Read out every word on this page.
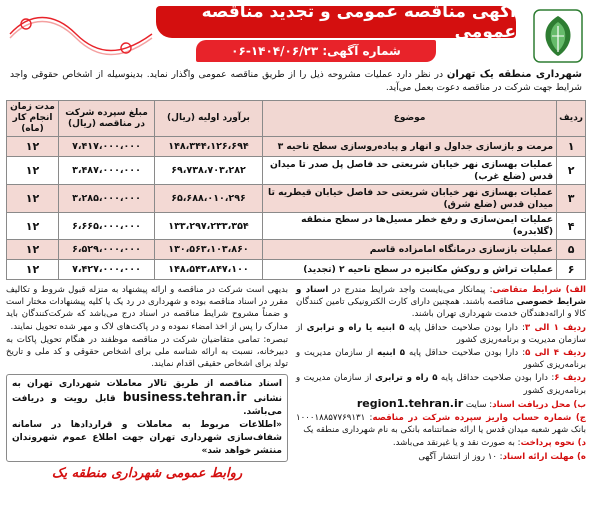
آگهی مناقصه عمومی و تجدید مناقصه عمومی
شماره آگهی: ۱۴۰۴/۰۶/۲۳-۰۶
شهرداری منطقه یک تهران در نظر دارد عملیات مشروحه ذیل را از طریق مناقصه عمومی واگذار نماید. بدینوسیله از اشخاص حقوقی واجد شرایط جهت شرکت در مناقصه دعوت بعمل می‌آید.
ردیف	موضوع	برآورد اولیه (ریال)	مبلغ سپرده شرکت در مناقصه (ریال)	مدت زمان انجام کار (ماه)
۱	مرمت و بازسازی جداول و انهار و پیاده‌روسازی سطح ناحیه ۳	۱۴۸،۳۴۴،۱۲۶،۶۹۴	۷،۴۱۷،۰۰۰،۰۰۰	۱۲
۲	عملیات بهسازی نهر خیابان شریعتی حد فاصل پل صدر تا میدان قدس (ضلع غرب)	۶۹،۷۳۸،۷۰۳،۲۸۲	۳،۴۸۷،۰۰۰،۰۰۰	۱۲
۳	عملیات بهسازی نهر خیابان شریعتی حد فاصل خیابان قیطریه تا میدان قدس (ضلع شرق)	۶۵،۶۸۸،۰۱۰،۲۹۶	۳،۲۸۵،۰۰۰،۰۰۰	۱۲
۴	عملیات ایمن‌سازی و رفع خطر مسیل‌ها در سطح منطقه (گلابدره)	۱۳۳،۲۹۷،۲۳۳،۳۵۴	۶،۶۶۵،۰۰۰،۰۰۰	۱۲
۵	عملیات بازسازی درمانگاه امامزاده قاسم	۱۳۰،۵۶۳،۱۰۳،۸۶۰	۶،۵۲۹،۰۰۰،۰۰۰	۱۲
۶	عملیات تراش و روکش مکانیزه در سطح ناحیه ۲ (تجدید)	۱۴۸،۵۴۳،۸۴۷،۱۰۰	۷،۴۲۷،۰۰۰،۰۰۰	۱۲
الف) شرایط متقاضی: پیمانکار می‌بایست واجد شرایط مندرج در اسناد و شرایط خصوصی مناقصه باشند. همچنین دارای کارت الکترونیکی تامین کنندگان کالا و ارائه‌دهندگان خدمت شهرداری تهران باشند.
ردیف ۱ الی ۳: دارا بودن صلاحیت حداقل پایه ۵ ابنیه یا راه و ترابری از سازمان مدیریت و برنامه‌ریزی کشور
ردیف ۴ الی ۵: دارا بودن صلاحیت حداقل پایه ۵ ابنیه از سازمان مدیریت و برنامه‌ریزی کشور
ردیف ۶: دارا بودن صلاحیت حداقل پایه ۵ راه و ترابری از سازمان مدیریت و برنامه‌ریزی کشور
ب) محل دریافت اسناد: سایت region1.tehran.ir
ج) شماره حساب واریز سپرده شرکت در مناقصه: ۱۰۰۰۱۸۸۵۷۷۶۹۱۳۱ بانک شهر شعبه میدان قدس یا ارائه ضمانتنامه بانکی به نام شهرداری منطقه یک
د) نحوه پرداخت: به صورت نقد و یا غیرنقد می‌باشد.
ه) مهلت ارائه اسناد: ۱۰ روز از انتشار آگهی
بدیهی است شرکت در مناقصه و ارائه پیشنهاد به منزله قبول شروط و تکالیف مقرر در اسناد مناقصه بوده و شهرداری در رد یک یا کلیه پیشنهادات مختار است و ضمناً مشروح شرایط مناقصه در اسناد درج می‌باشد که شرکت‌کنندگان باید مدارک را پس از اخذ امضاء نموده و در پاکت‌های لاک و مهر شده تحویل نمایند.
تبصره: تمامی متقاضیان شرکت در مناقصه موظفند در هنگام تحویل پاکات به دبیرخانه، نسبت به ارائه شناسه ملی برای اشخاص حقوقی و کد ملی و تاریخ تولد برای اشخاص حقیقی اقدام نمایند.
اسناد مناقصه از طریق تالار معاملات شهرداری تهران به نشانی business.tehran.ir قابل رویت و دریافت می‌باشد.
«اطلاعات مربوط به معاملات و قراردادها در سامانه شفاف‌سازی شهرداری تهران جهت اطلاع عموم شهروندان منتشر خواهد شد»
روابط عمومی شهرداری منطقه یک
